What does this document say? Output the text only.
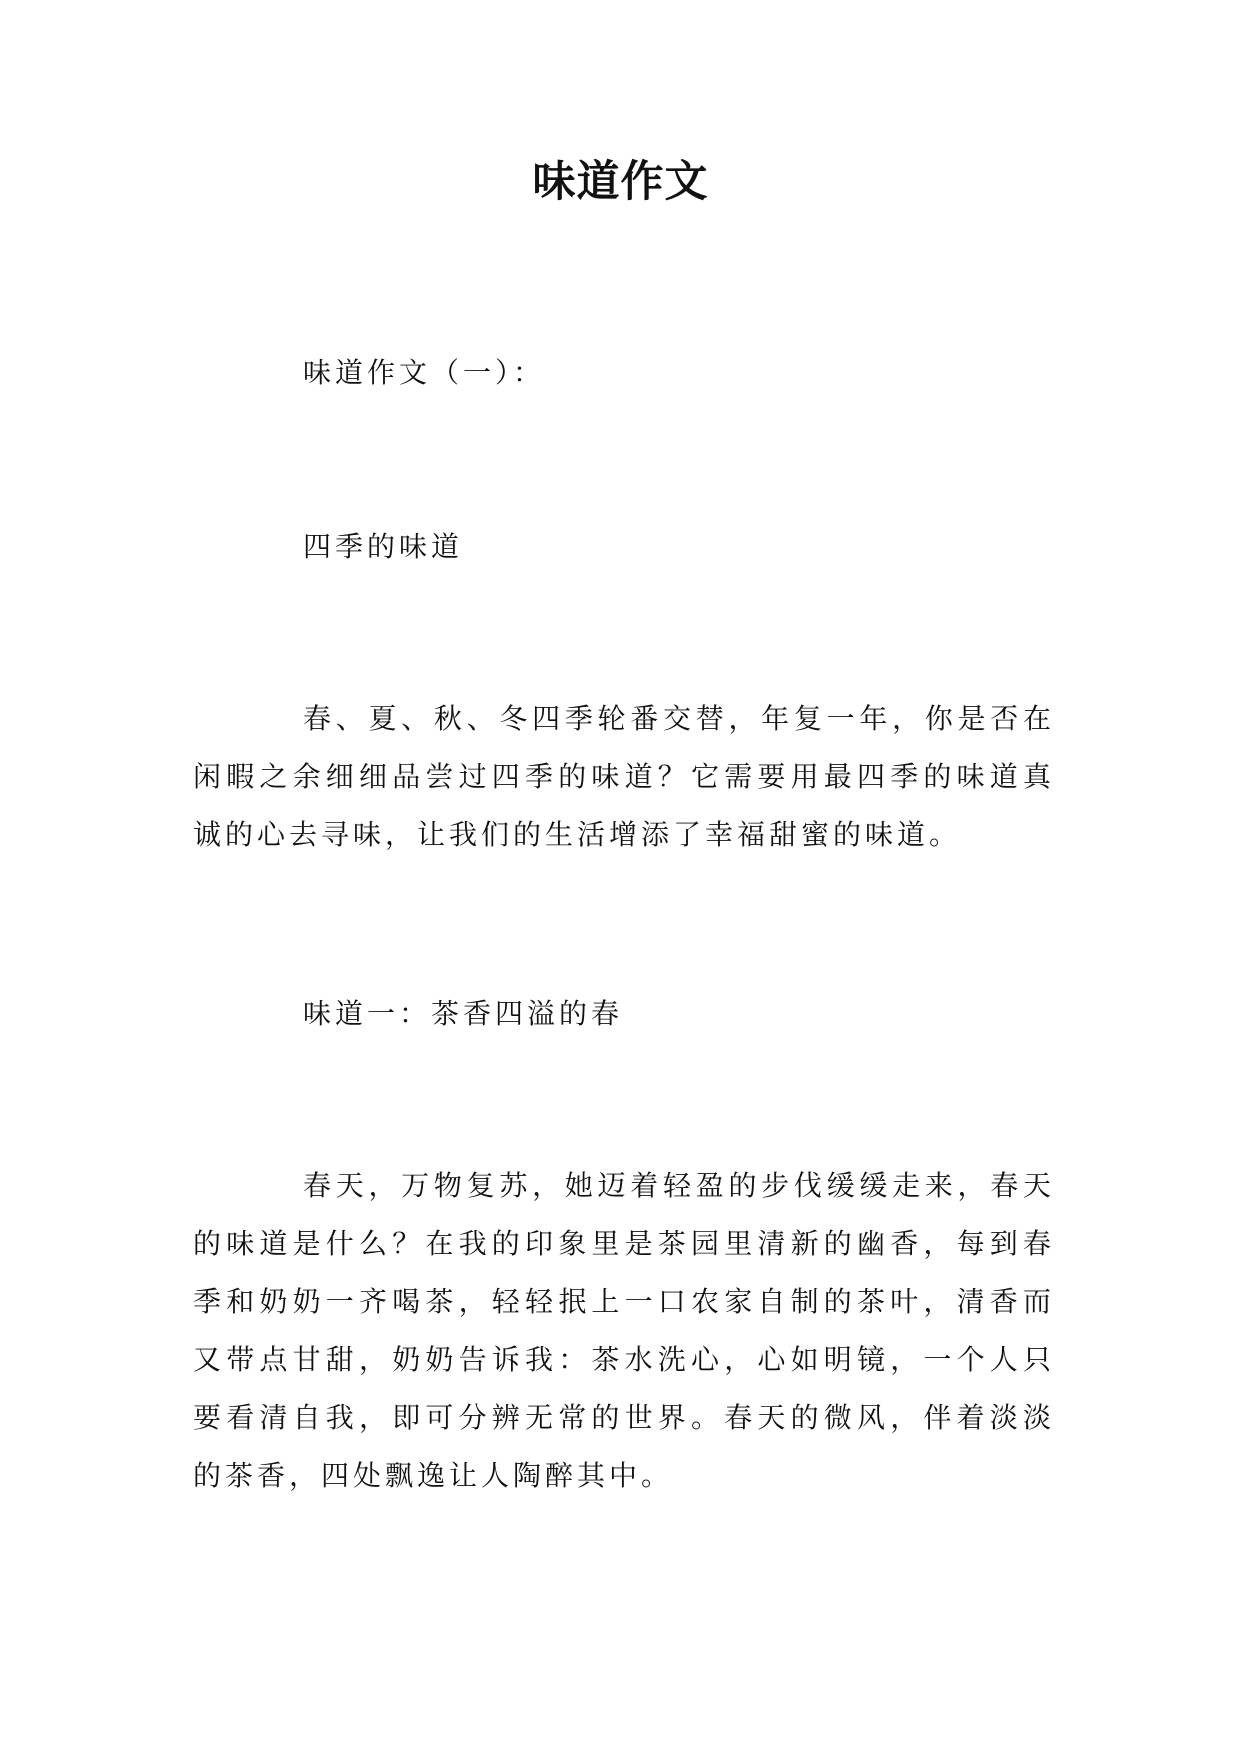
味道作文

味道作文（一）：

四季的味道

春、夏、秋、冬四季轮番交替，年复一年，你是否在闲暇之余细细品尝过四季的味道？它需要用最四季的味道真诚的心去寻味，让我们的生活增添了幸福甜蜜的味道。

味道一：茶香四溢的春

春天，万物复苏，她迈着轻盈的步伐缓缓走来，春天的味道是什么？在我的印象里是茶园里清新的幽香，每到春季和奶奶一齐喝茶，轻轻抿上一口农家自制的茶叶，清香而又带点甘甜，奶奶告诉我：茶水洗心，心如明镜，一个人只要看清自我，即可分辨无常的世界。春天的微风，伴着淡淡的茶香，四处飘逸让人陶醉其中。
